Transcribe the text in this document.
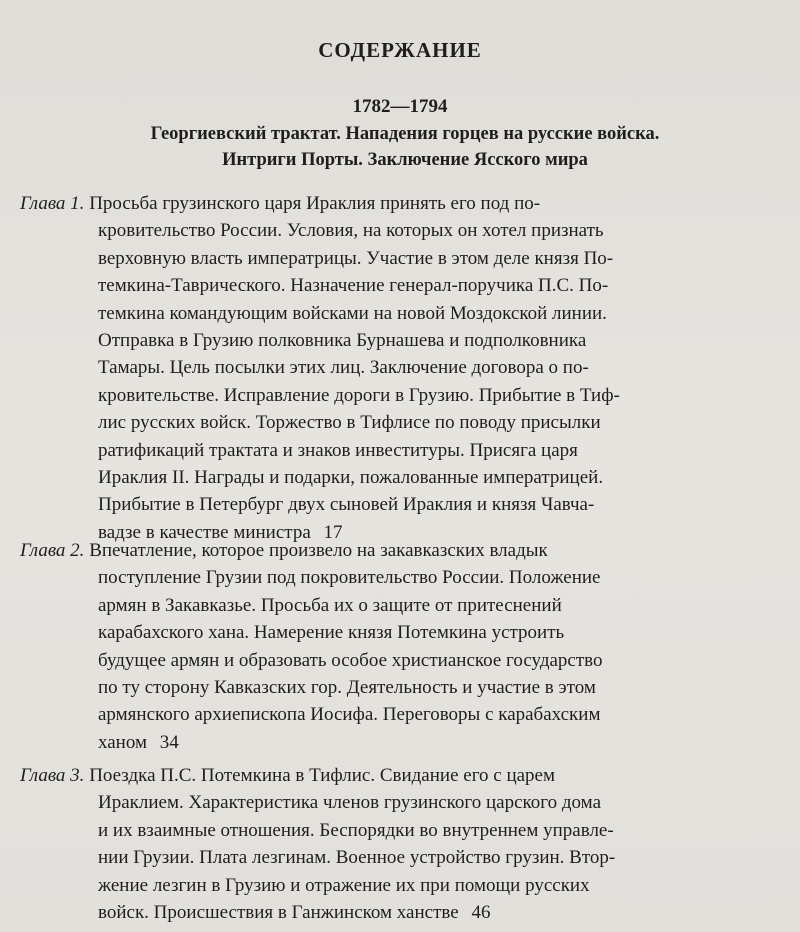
СОДЕРЖАНИЕ
1782—1794
Георгиевский трактат. Нападения горцев на русские войска.
Интриги Порты. Заключение Ясского мира
Глава 1. Просьба грузинского царя Ираклия принять его под по-
кровительство России. Условия, на которых он хотел признать
верховную власть императрицы. Участие в этом деле князя По-
темкина-Таврического. Назначение генерал-поручика П.С. По-
темкина командующим войсками на новой Моздокской линии.
Отправка в Грузию полковника Бурнашева и подполковника
Тамары. Цель посылки этих лиц. Заключение договора о по-
кровительстве. Исправление дороги в Грузию. Прибытие в Тиф-
лис русских войск. Торжество в Тифлисе по поводу присылки
ратификаций трактата и знаков инвеституры. Присяга царя
Ираклия II. Награды и подарки, пожалованные императрицей.
Прибытие в Петербург двух сыновей Ираклия и князя Чавча-
вадзе в качестве министра 17
Глава 2. Впечатление, которое произвело на закавказских владык
поступление Грузии под покровительство России. Положение
армян в Закавказье. Просьба их о защите от притеснений
карабахского хана. Намерение князя Потемкина устроить
будущее армян и образовать особое христианское государство
по ту сторону Кавказских гор. Деятельность и участие в этом
армянского архиепископа Иосифа. Переговоры с карабахским
ханом 34
Глава 3. Поездка П.С. Потемкина в Тифлис. Свидание его с царем
Ираклием. Характеристика членов грузинского царского дома
и их взаимные отношения. Беспорядки во внутреннем управле-
нии Грузии. Плата лезгинам. Военное устройство грузин. Втор-
жение лезгин в Грузию и отражение их при помощи русских
войск. Происшествия в Ганжинском ханстве 46
